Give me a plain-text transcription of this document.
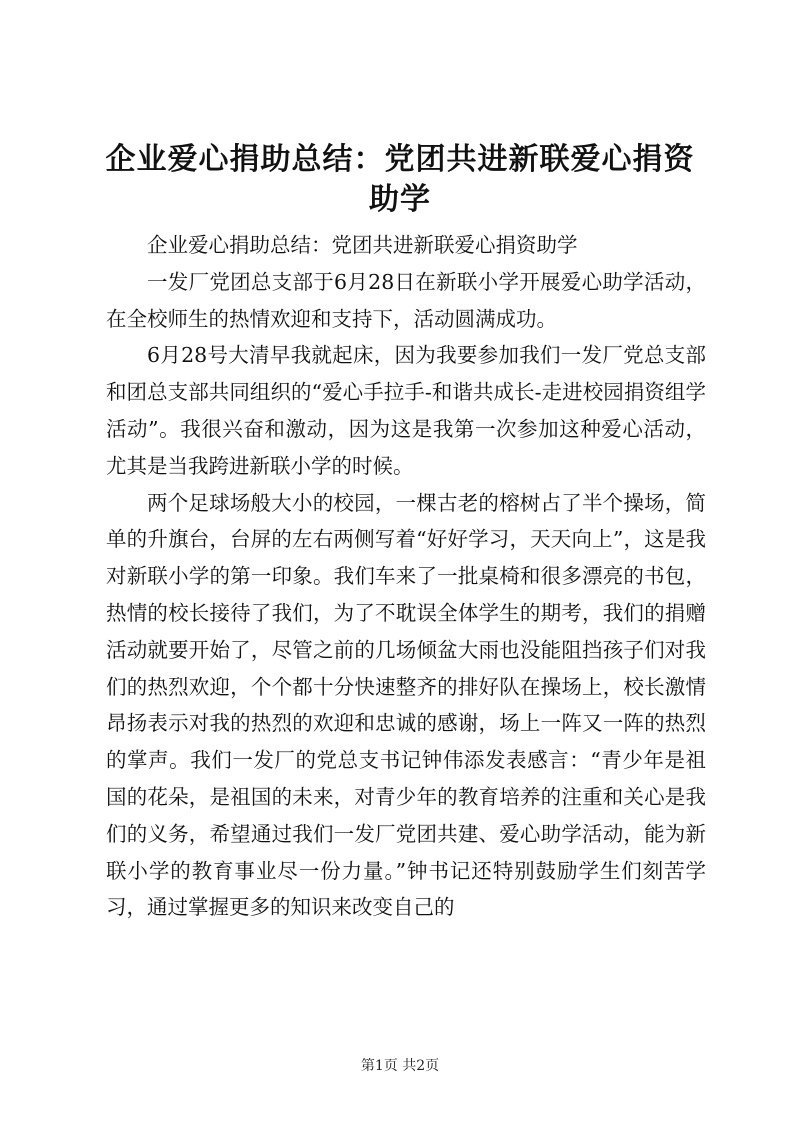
企业爱心捐助总结：党团共进新联爱心捐资助学

企业爱心捐助总结：党团共进新联爱心捐资助学

一发厂党团总支部于6月28日在新联小学开展爱心助学活动，在全校师生的热情欢迎和支持下，活动圆满成功。

6月28号大清早我就起床，因为我要参加我们一发厂党总支部和团总支部共同组织的“爱心手拉手-和谐共成长-走进校园捐资组学活动”。我很兴奋和激动，因为这是我第一次参加这种爱心活动，尤其是当我跨进新联小学的时候。

两个足球场般大小的校园，一棵古老的榕树占了半个操场，简单的升旗台，台屏的左右两侧写着“好好学习，天天向上”，这是我对新联小学的第一印象。我们车来了一批桌椅和很多漂亮的书包，热情的校长接待了我们，为了不耽误全体学生的期考，我们的捐赠活动就要开始了，尽管之前的几场倾盆大雨也没能阻挡孩子们对我们的热烈欢迎，个个都十分快速整齐的排好队在操场上，校长激情昂扬表示对我的热烈的欢迎和忠诚的感谢，场上一阵又一阵的热烈的掌声。我们一发厂的党总支书记钟伟添发表感言：“青少年是祖国的花朵，是祖国的未来，对青少年的教育培养的注重和关心是我们的义务，希望通过我们一发厂党团共建、爱心助学活动，能为新联小学的教育事业尽一份力量。”钟书记还特别鼓励学生们刻苦学习，通过掌握更多的知识来改变自己的

第1页 共2页
